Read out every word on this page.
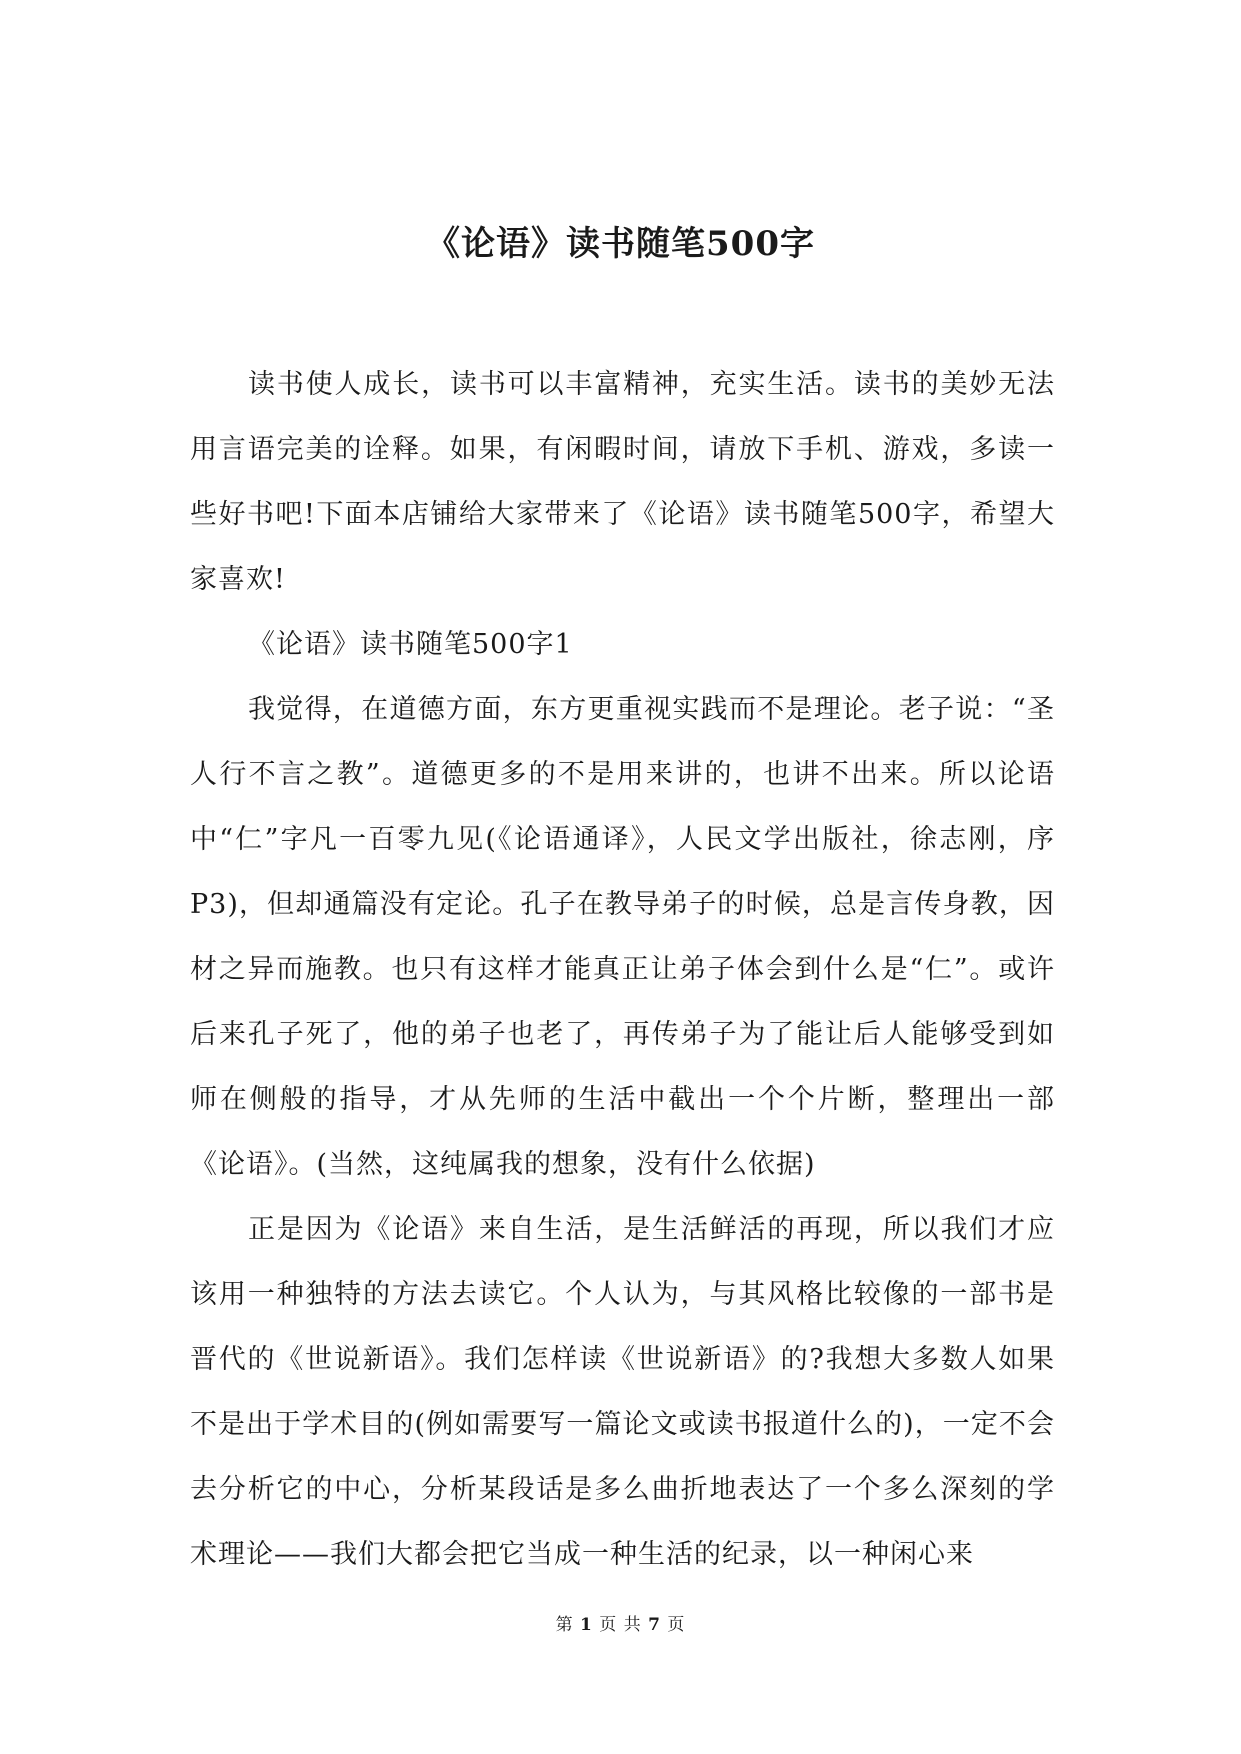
《论语》读书随笔500字

读书使人成长，读书可以丰富精神，充实生活。读书的美妙无法用言语完美的诠释。如果，有闲暇时间，请放下手机、游戏，多读一些好书吧!下面本店铺给大家带来了《论语》读书随笔500字，希望大家喜欢!

《论语》读书随笔500字1

我觉得，在道德方面，东方更重视实践而不是理论。老子说：“圣人行不言之教”。道德更多的不是用来讲的，也讲不出来。所以论语中“仁”字凡一百零九见(《论语通译》，人民文学出版社，徐志刚，序P3)，但却通篇没有定论。孔子在教导弟子的时候，总是言传身教，因材之异而施教。也只有这样才能真正让弟子体会到什么是“仁”。或许后来孔子死了，他的弟子也老了，再传弟子为了能让后人能够受到如师在侧般的指导，才从先师的生活中截出一个个片断，整理出一部《论语》。(当然，这纯属我的想象，没有什么依据)

正是因为《论语》来自生活，是生活鲜活的再现，所以我们才应该用一种独特的方法去读它。个人认为，与其风格比较像的一部书是晋代的《世说新语》。我们怎样读《世说新语》的?我想大多数人如果不是出于学术目的(例如需要写一篇论文或读书报道什么的)，一定不会去分析它的中心，分析某段话是多么曲折地表达了一个多么深刻的学术理论——我们大都会把它当成一种生活的纪录，以一种闲心来

第 1 页 共 7 页
